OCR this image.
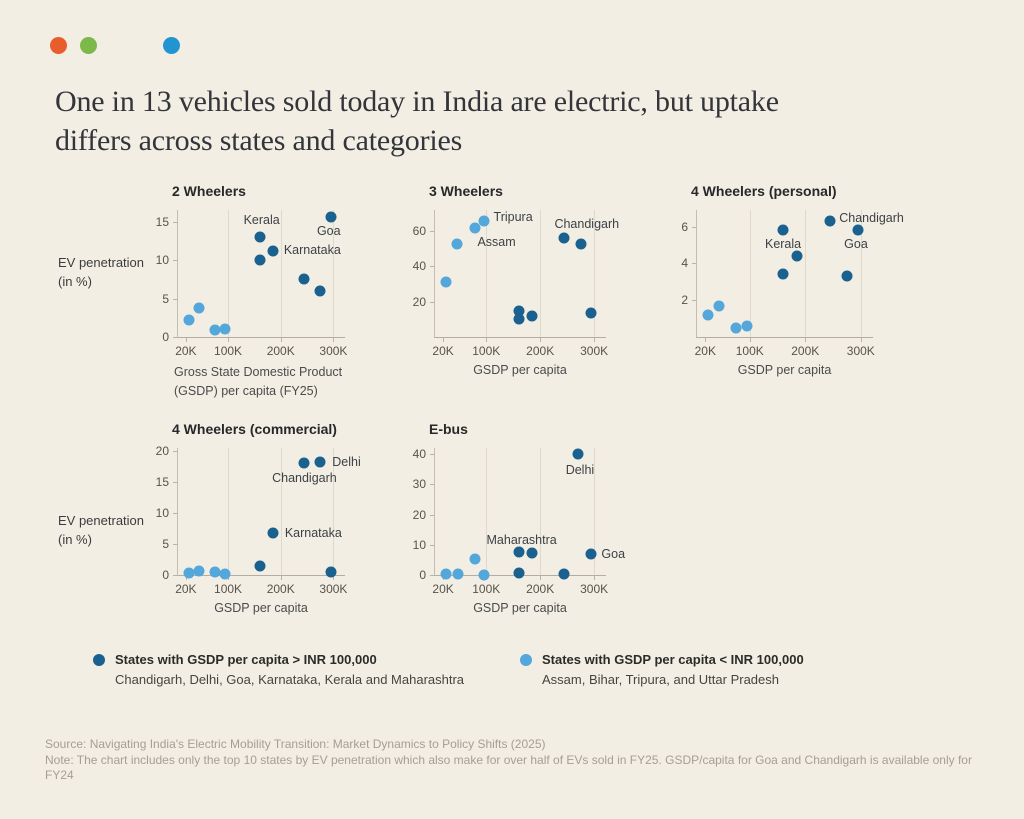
One in 13 vehicles sold today in India are electric, but uptake
differs across states and categories
EV penetration
(in %)
EV penetration
(in %)
2 Wheelers
20K 100K 200K 300K
0
5
10
15	Kerala
Goa
Karnataka
Gross State Domestic Product
(GSDP) per capita (FY25)
3 Wheelers
20K 100K 200K 300K
20
40
60
Tripura
Assam
Chandigarh
GSDP per capita
4 Wheelers (personal)
20K 100K 200K 300K
2
4
6
Chandigarh
Kerala	Goa
GSDP per capita
4 Wheelers (commercial)
20K 100K 200K 300K
0
5
10
15
20
Delhi
Chandigarh
Karnataka
GSDP per capita
E-bus
20K 100K 200K 300K
0
10
20
30
40
Delhi
Maharashtra
Goa
GSDP per capita
States with GSDP per capita > INR 100,000
Chandigarh, Delhi, Goa, Karnataka, Kerala and Maharashtra
States with GSDP per capita < INR 100,000
Assam, Bihar, Tripura, and Uttar Pradesh

Source: Navigating India's Electric Mobility Transition: Market Dynamics to Policy Shifts (2025)

Note: The chart includes only the top 10 states by EV penetration which also make for over half of EVs sold in FY25. GSDP/capita for Goa and Chandigarh is available only for FY24
